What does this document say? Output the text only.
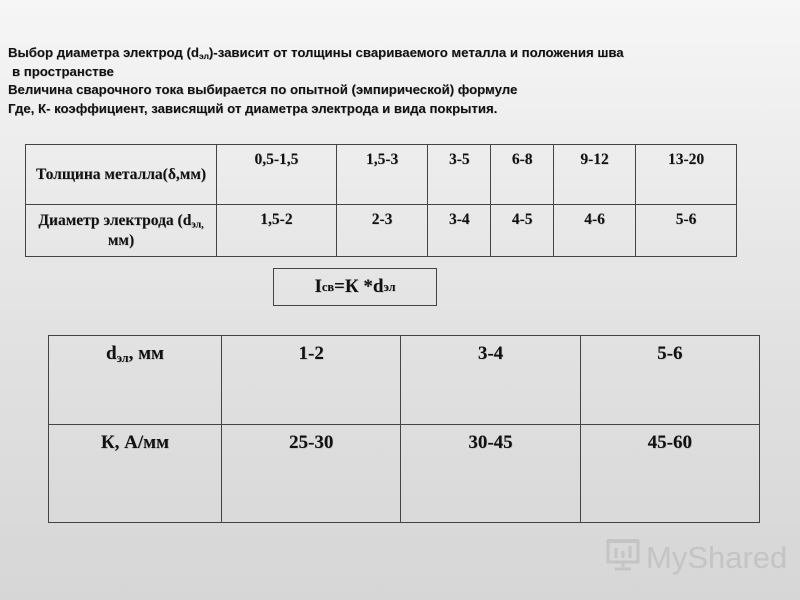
Выбор диаметра электрод $(d_{эл})$-зависит от толщины свариваемого металла и положения шва

в пространстве

Величина сварочного тока выбирается по опытной (эмпирической) формуле

Где, К- коэффициент, зависящий от диаметра электрода и вида покрытия.

Толщина металла(δ,мм)	0,5-1,5	1,5-3	3-5	6-8	9-12	13-20
Диаметр электрода ($d_{эл,}$ мм)	1,5-2	2-3	3-4	4-5	4-6	5-6
I св =К *d эл
$d_{эл}$, мм	1-2	3-4	5-6
К, А/мм	25-30	30-45	45-60
MyShared
